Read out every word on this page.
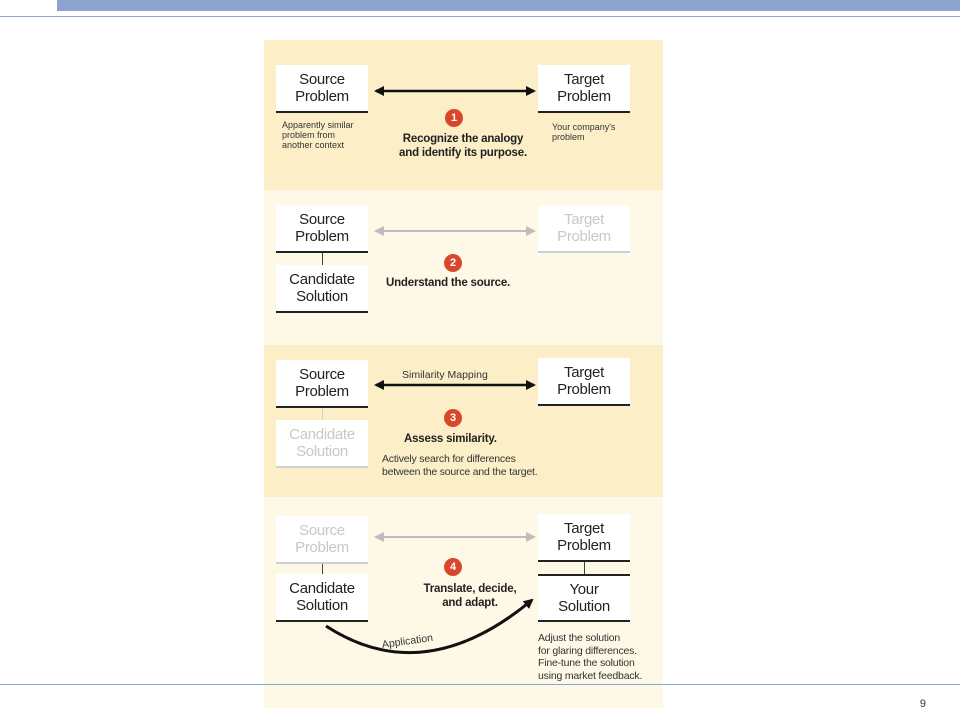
Source
Problem
Target
Problem
Apparently similar
problem from
another context
Your company's
problem
1
Recognize the analogy
and identify its purpose.
Source
Problem
Target
Problem
Candidate
Solution
2
Understand the source.
Source
Problem
Target
Problem
Similarity Mapping
Candidate
Solution
3
Assess similarity.
Actively search for differences
between the source and the target.
Source
Problem
Target
Problem
Candidate
Solution
Your
Solution
4
Translate, decide,
and adapt.
Application	Adjust the solution
for glaring differences.
Fine-tune the solution
using market feedback.
9
